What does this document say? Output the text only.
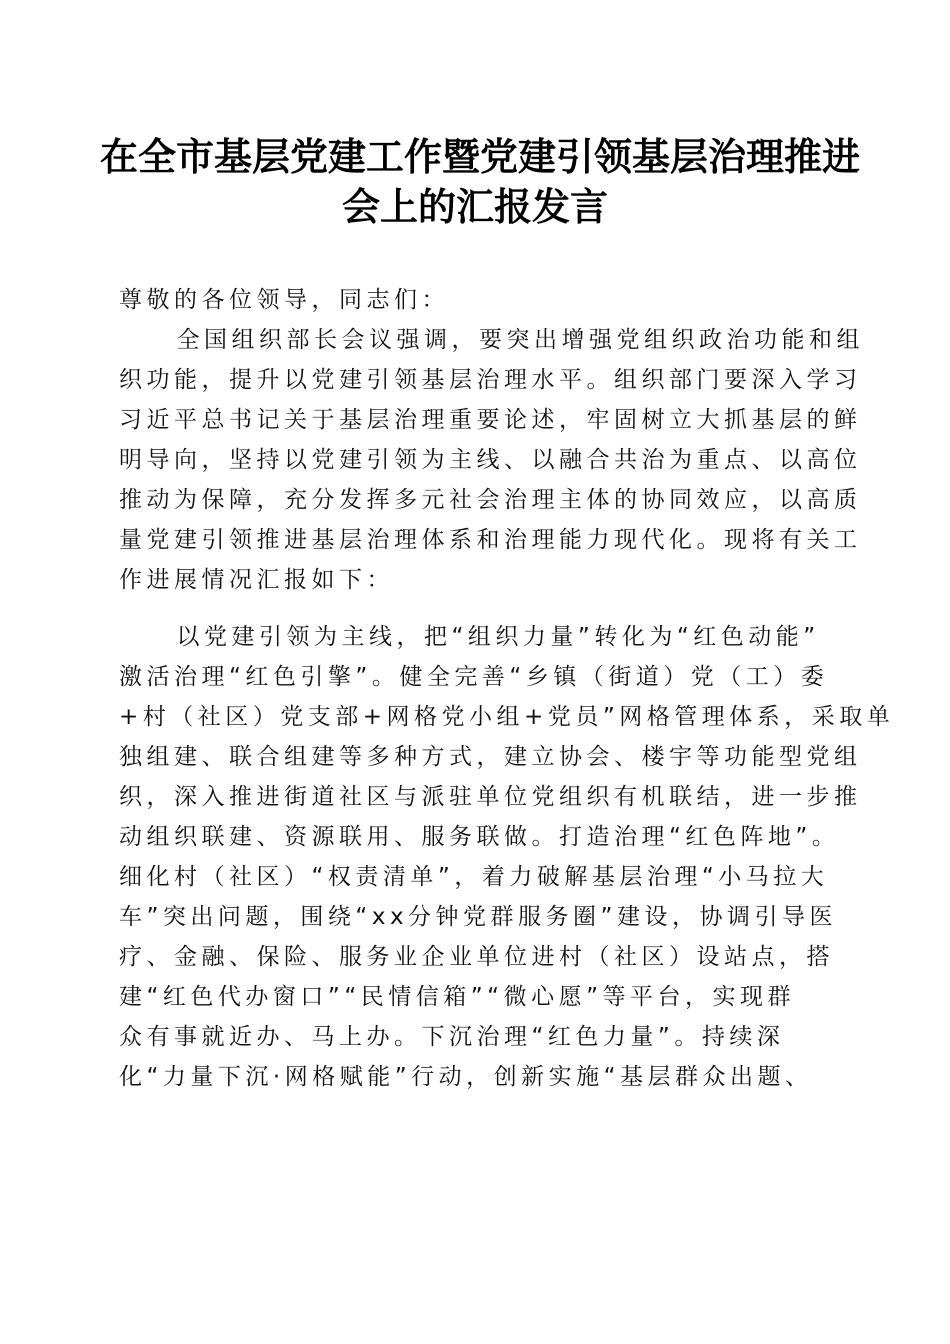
在全市基层党建工作暨党建引领基层治理推进
会上的汇报发言

尊敬的各位领导，同志们：

全国组织部长会议强调，要突出增强党组织政治功能和组
织功能，提升以党建引领基层治理水平。组织部门要深入学习
习近平总书记关于基层治理重要论述，牢固树立大抓基层的鲜
明导向，坚持以党建引领为主线、以融合共治为重点、以高位
推动为保障，充分发挥多元社会治理主体的协同效应，以高质
量党建引领推进基层治理体系和治理能力现代化。现将有关工
作进展情况汇报如下：

以党建引领为主线，把“组织力量”转化为“红色动能”
激活治理“红色引擎”。健全完善“乡镇（街道）党（工）委
+村（社区）党支部+网格党小组+党员”网格管理体系，采取单
独组建、联合组建等多种方式，建立协会、楼宇等功能型党组
织，深入推进街道社区与派驻单位党组织有机联结，进一步推
动组织联建、资源联用、服务联做。打造治理“红色阵地”。
细化村（社区）“权责清单”，着力破解基层治理“小马拉大
车”突出问题，围绕“xx分钟党群服务圈”建设，协调引导医
疗、金融、保险、服务业企业单位进村（社区）设站点，搭
建“红色代办窗口”“民情信箱”“微心愿”等平台，实现群
众有事就近办、马上办。下沉治理“红色力量”。持续深
化“力量下沉·网格赋能”行动，创新实施“基层群众出题、
